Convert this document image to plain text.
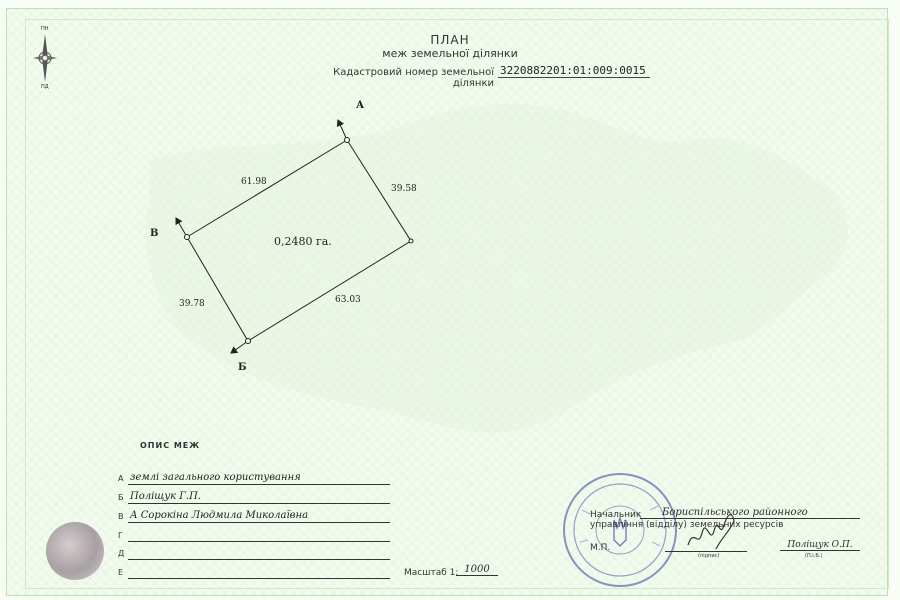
ПН
ПД
ПЛАН
меж земельної ділянки
Кадастровий номер земельної ділянки
3220882201:01:009:0015
А
В
Б
61.98
39.58
39.78	63.03
0,2480 га.
ОПИС МЕЖ
А землі загального користування
Б Поліщук Г.П.
В А Сорокіна Людмила Миколаївна
Г
Д
Е	Масштаб 1: 1000
Начальник	Бориспільського районного
управління (відділу) земельних ресурсів
М.П.
(підпис)
Поліщук О.П.
(П.І.Б.)
